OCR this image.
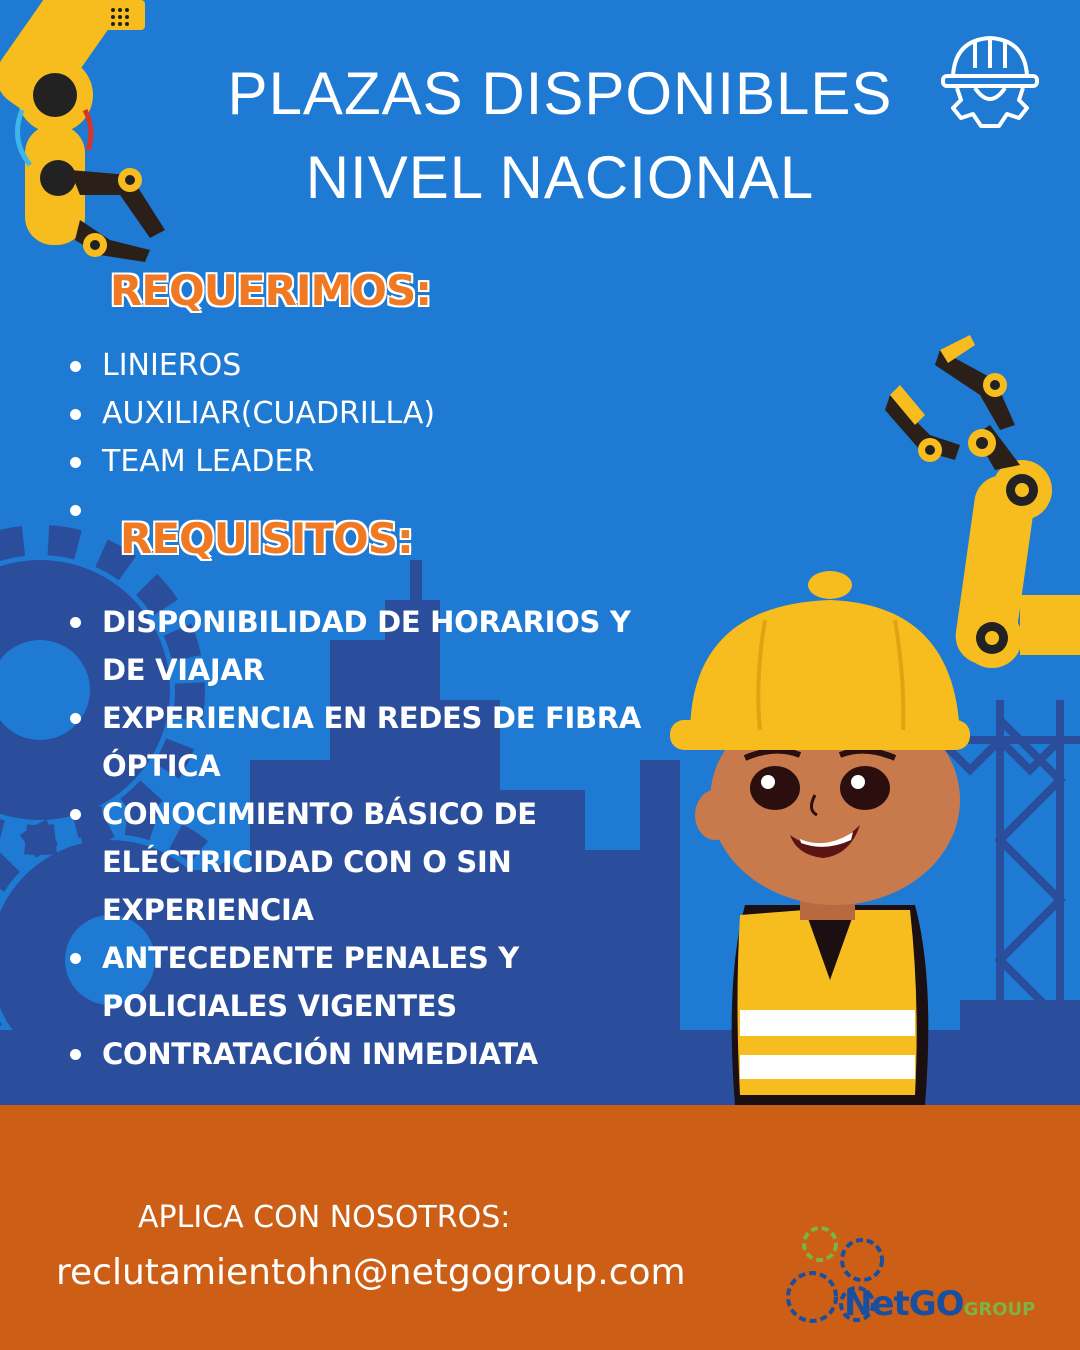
PLAZAS DISPONIBLES
NIVEL NACIONAL
REQUERIMOS:
LINIEROS
AUXILIAR(CUADRILLA)
TEAM LEADER

REQUISITOS:
DISPONIBILIDAD DE HORARIOS Y DE VIAJAR
EXPERIENCIA EN REDES DE FIBRA ÓPTICA
CONOCIMIENTO BÁSICO DE ELÉCTRICIDAD CON O SIN EXPERIENCIA
ANTECEDENTE PENALES Y POLICIALES VIGENTES
CONTRATACIÓN INMEDIATA
APLICA CON NOSOTROS:
reclutamientohn@netgogroup.com
NetGOGROUP
